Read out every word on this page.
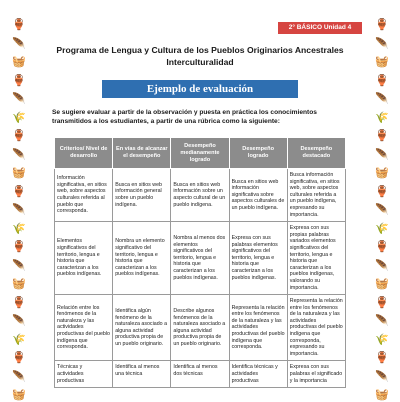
2° BÁSICO Unidad 4
🏺
🪶
🧺
🏺
🪶
🌾
🏺
🪶
🧺
🏺
🪶
🌾
🏺
🪶
🧺
🏺
🪶
🌾
🏺
🪶
🧺
🏺
🪶
🧺
🏺
🪶
🌾
🏺
🪶
🧺
🏺
🪶
🌾
🏺
🪶
🧺
🏺
🪶
🌾
🏺
🪶
🧺
Programa de Lengua y Cultura de los Pueblos Originarios Ancestrales
Interculturalidad
Ejemplo de evaluación
Se sugiere evaluar a partir de la observación y puesta en práctica los conocimientos transmitidos a los estudiantes, a partir de una rúbrica como la siguiente:
Criterios/ Nivel de desarrollo	En vías de alcanzar el desempeño	Desempeño medianamente logrado	Desempeño logrado	Desempeño destacado
Información significativa, en sitios web, sobre aspectos culturales referida al pueblo que corresponda.	Busca en sitios web información general sobre un pueblo indígena.	Busca en sitios web información sobre un aspecto cultural de un pueblo indígena.	Busca en sitios web información significativa sobre aspectos culturales de un pueblo indígena.	Busca información significativa, en sitios web, sobre aspectos culturales referida a un pueblo indígena, expresando su importancia.
Elementos significativos del territorio, lengua e historia que caracterizan a los pueblos indígenas.	Nombra un elemento significativo del territorio, lengua e historia que caracterizan a los pueblos indígenas.	Nombra al menos dos elementos significativos del territorio, lengua e historia que caracterizan a los pueblos indígenas.	Expresa con sus palabras elementos significativos del territorio, lengua e historia que caracterizan a los pueblos indígenas.	Expresa con sus propias palabras variados elementos significativos del territorio, lengua e historia que caracterizan a los pueblos indígenas, valorando su importancia.
Relación entre los fenómenos de la naturaleza y las actividades productivas del pueblo indígena que corresponda.	Identifica algún fenómeno de la naturaleza asociado a alguna actividad productiva propia de un pueblo originario.	Describe algunos fenómenos de la naturaleza asociado a alguna actividad productiva propia de un pueblo originario.	Representa la relación entre los fenómenos de la naturaleza y las actividades productivas del pueblo indígena que corresponda.	Representa la relación entre los fenómenos de la naturaleza y las actividades productivas del pueblo indígena que corresponda, expresando su importancia.
Técnicas y actividades productivas	Identifica al menos una técnica	Identifica al menos dos técnicas	Identifica técnicas y actividades productivas	Expresa con sus palabras el significado y la importancia
